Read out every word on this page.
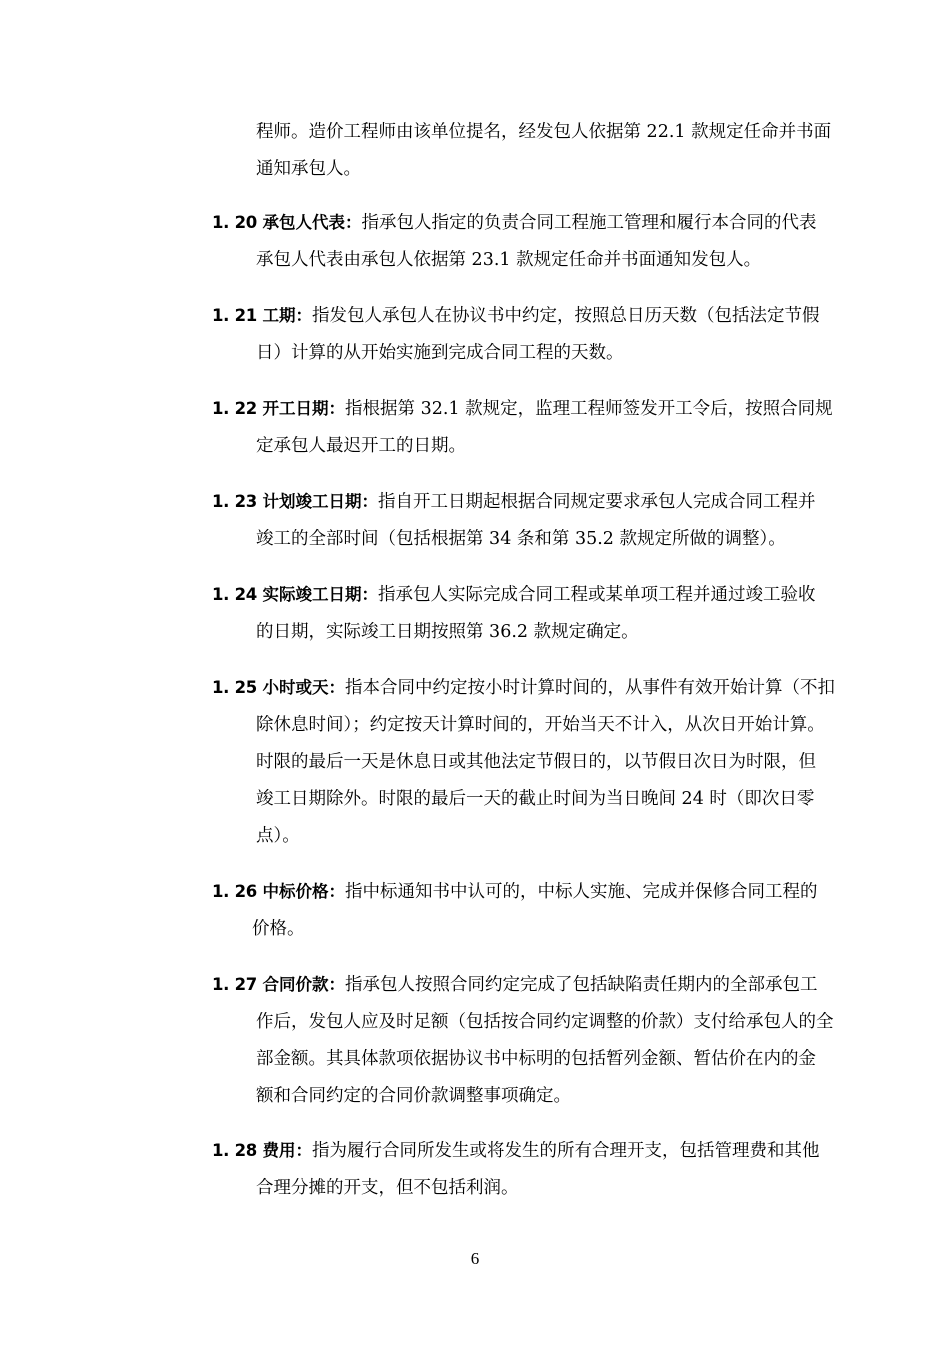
程师。造价工程师由该单位提名，经发包人依据第 22.1 款规定任命并书面
通知承包人。
1. 20 承包人代表：指承包人指定的负责合同工程施工管理和履行本合同的代表
承包人代表由承包人依据第 23.1 款规定任命并书面通知发包人。
1. 21 工期：指发包人承包人在协议书中约定，按照总日历天数（包括法定节假
日）计算的从开始实施到完成合同工程的天数。
1. 22 开工日期：指根据第 32.1 款规定，监理工程师签发开工令后，按照合同规
定承包人最迟开工的日期。
1. 23 计划竣工日期：指自开工日期起根据合同规定要求承包人完成合同工程并
竣工的全部时间（包括根据第 34 条和第 35.2 款规定所做的调整）。
1. 24 实际竣工日期：指承包人实际完成合同工程或某单项工程并通过竣工验收
的日期，实际竣工日期按照第 36.2 款规定确定。
1. 25 小时或天：指本合同中约定按小时计算时间的，从事件有效开始计算（不扣
除休息时间）；约定按天计算时间的，开始当天不计入，从次日开始计算。
时限的最后一天是休息日或其他法定节假日的，以节假日次日为时限，但
竣工日期除外。时限的最后一天的截止时间为当日晚间 24 时（即次日零
点）。
1. 26 中标价格：指中标通知书中认可的，中标人实施、完成并保修合同工程的
价格。
1. 27 合同价款：指承包人按照合同约定完成了包括缺陷责任期内的全部承包工
作后，发包人应及时足额（包括按合同约定调整的价款）支付给承包人的全
部金额。其具体款项依据协议书中标明的包括暂列金额、暂估价在内的金
额和合同约定的合同价款调整事项确定。
1. 28 费用：指为履行合同所发生或将发生的所有合理开支，包括管理费和其他
合理分摊的开支，但不包括利润。
6
